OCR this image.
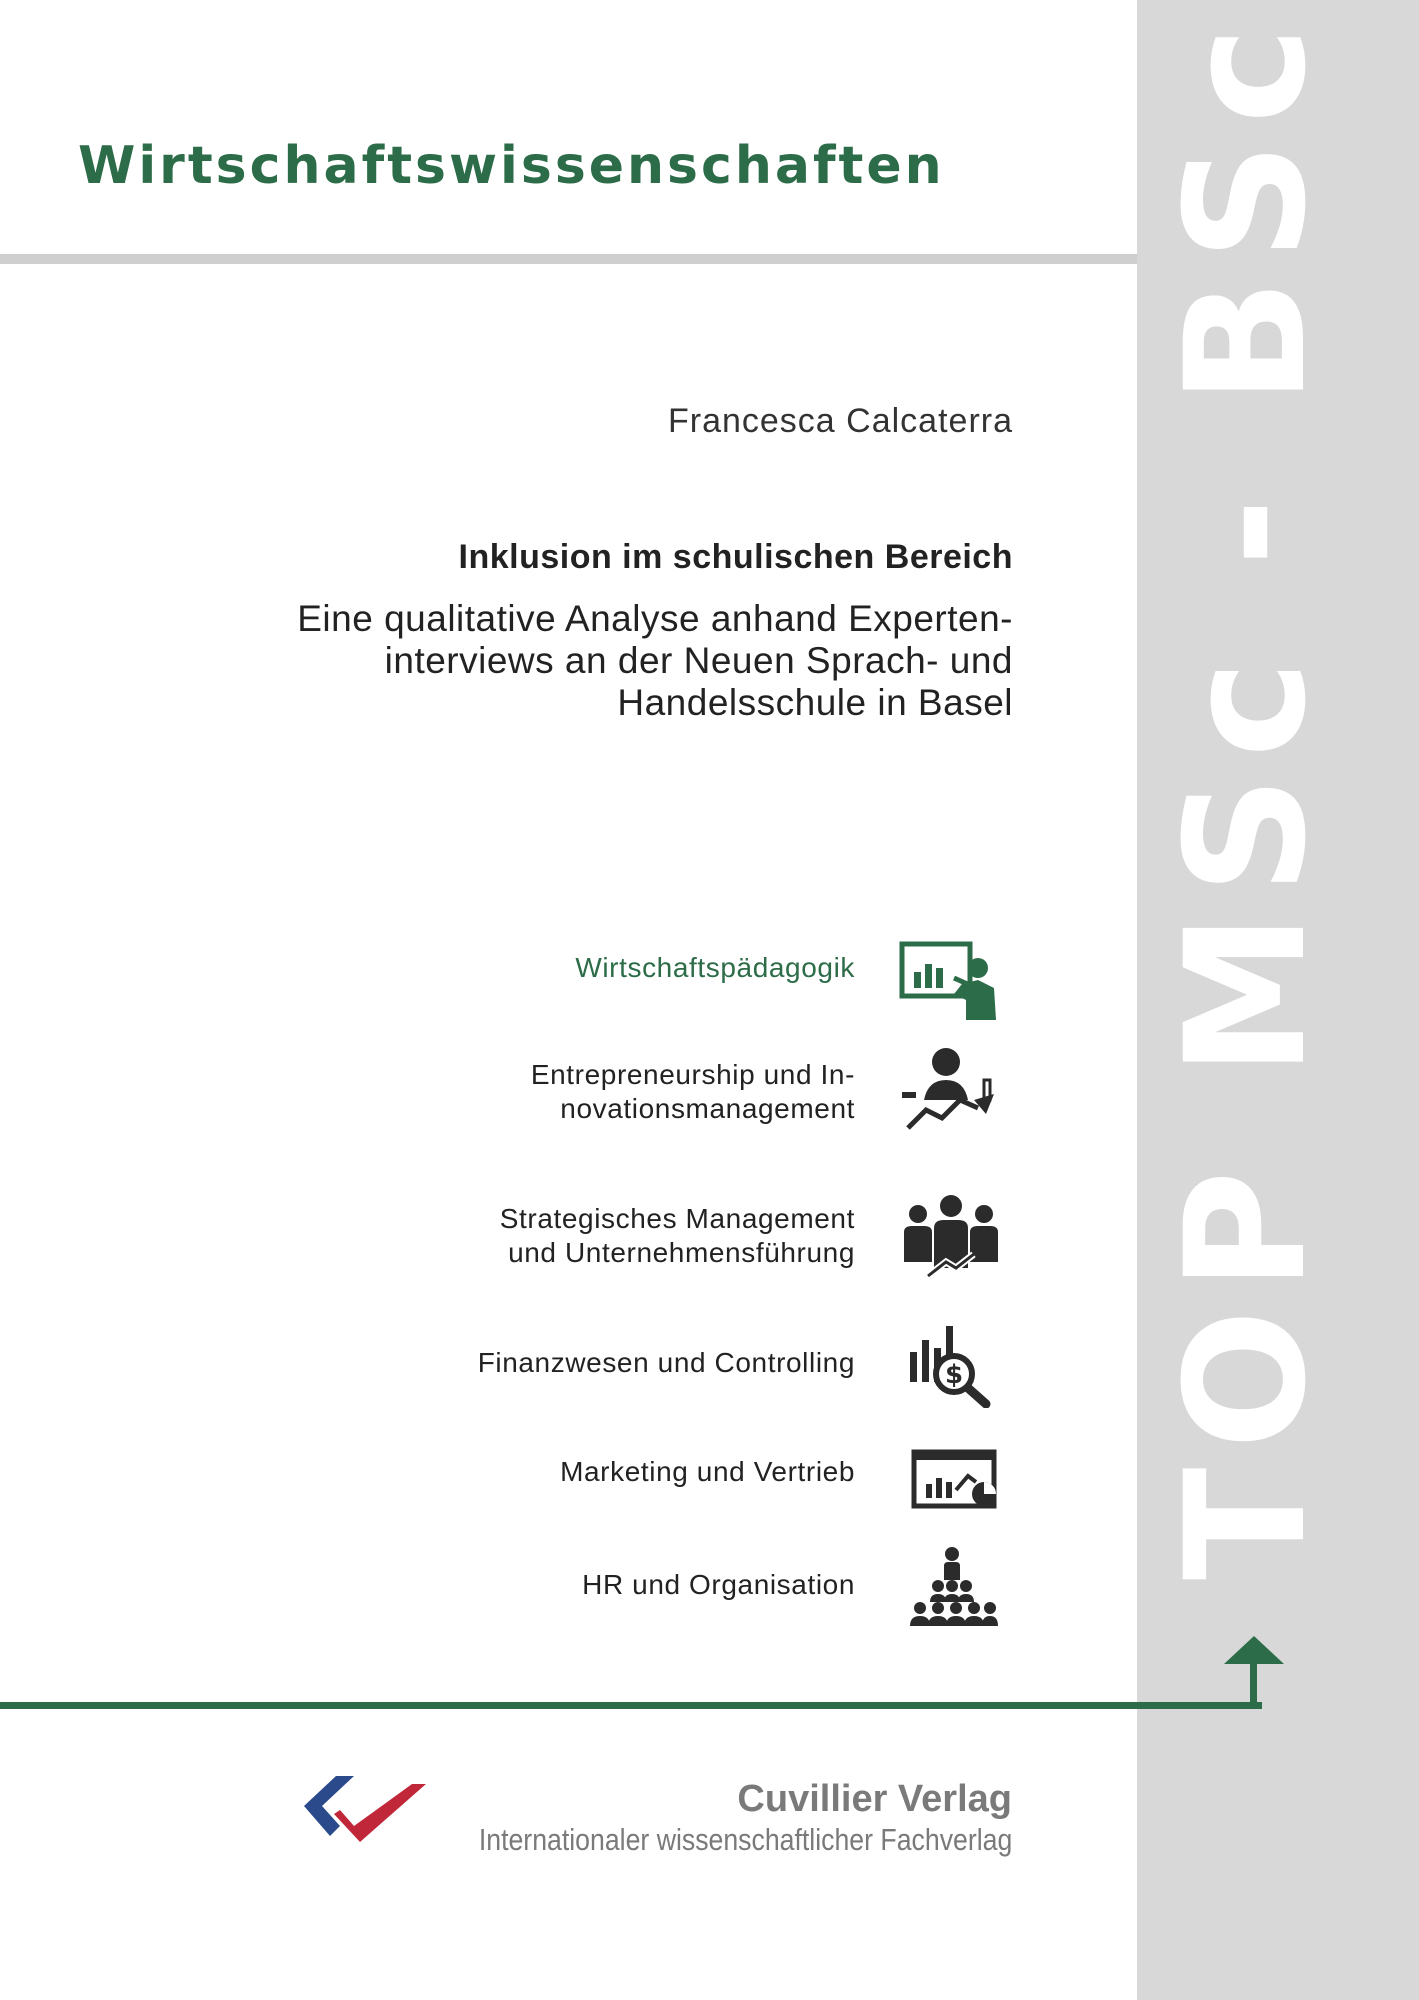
Wirtschaftswissenschaften
Francesca Calcaterra
Inklusion im schulischen Bereich
Eine qualitative Analyse anhand Experten-
interviews an der Neuen Sprach- und
Handelsschule in Basel
Wirtschaftspädagogik
Entrepreneurship und In-
novationsmanagement
Strategisches Management
und Unternehmensführung
Finanzwesen und Controlling	$
Marketing und Vertrieb
HR und Organisation
TOP MSc - BSc
Cuvillier Verlag
Internationaler wissenschaftlicher Fachverlag
